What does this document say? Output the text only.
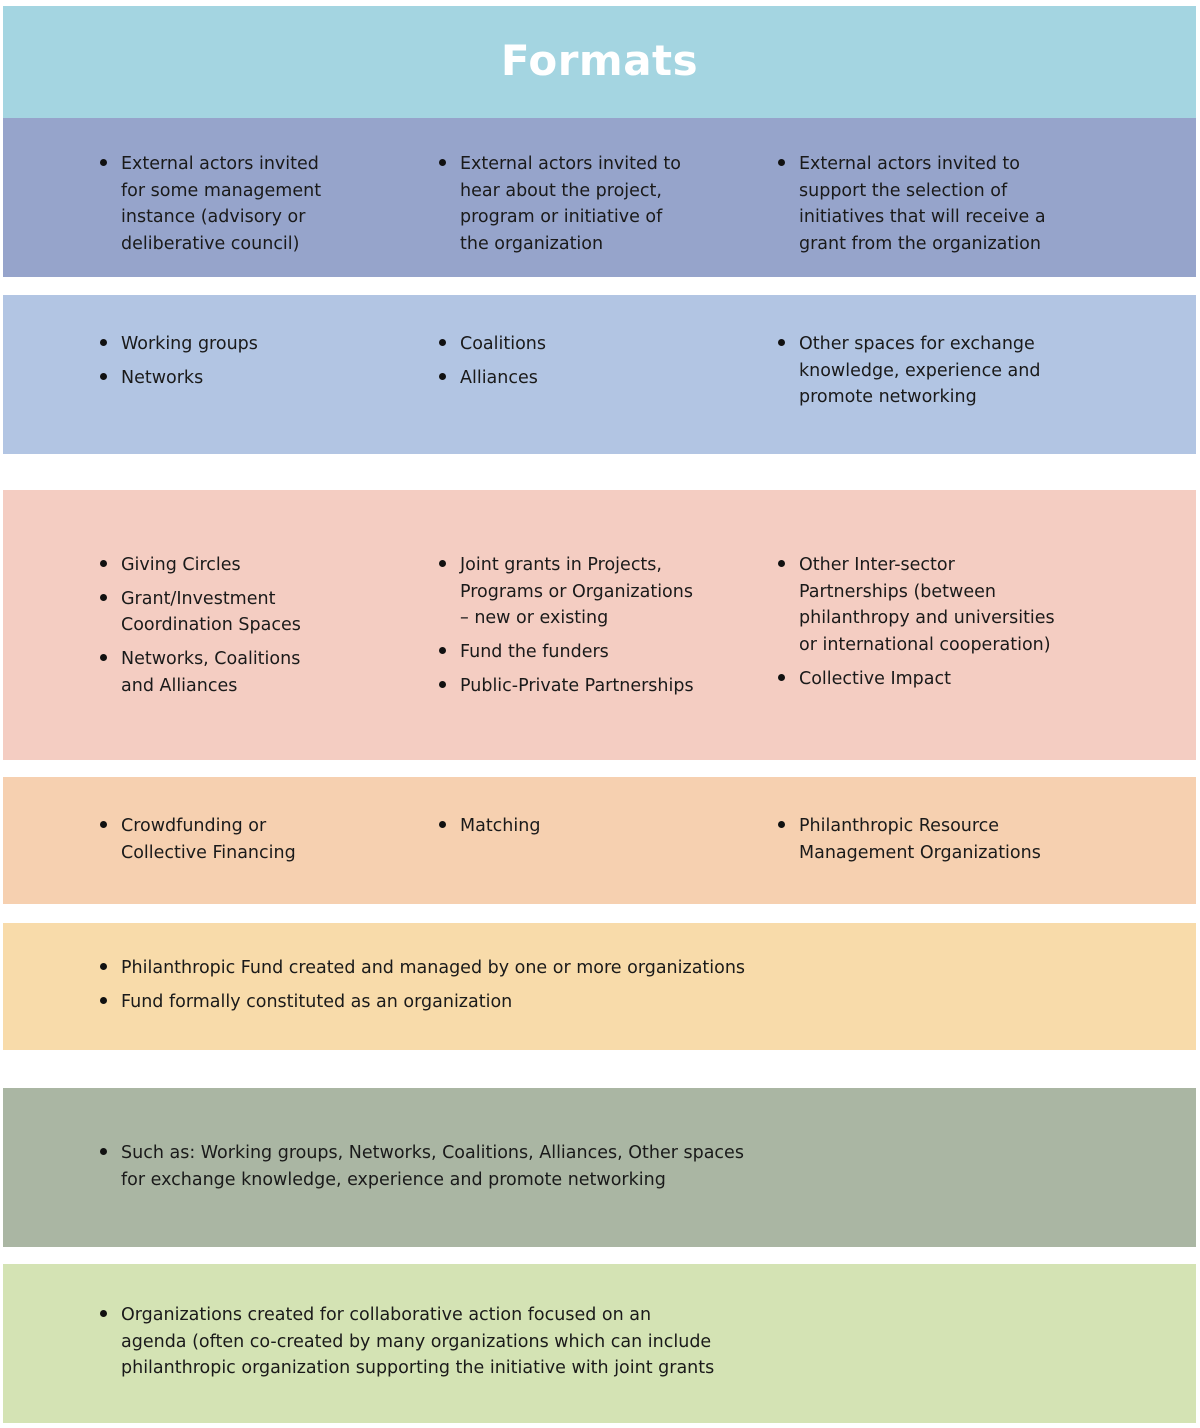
Formats
External actors invited
for some management
instance (advisory or
deliberative council)
External actors invited to
hear about the project,
program or initiative of
the organization
External actors invited to
support the selection of
initiatives that will receive a
grant from the organization
Working groups
Networks
Coalitions
Alliances
Other spaces for exchange
knowledge, experience and
promote networking
Giving Circles
Grant/Investment
Coordination Spaces
Networks, Coalitions
and Alliances
Joint grants in Projects,
Programs or Organizations
– new or existing
Fund the funders
Public-Private Partnerships
Other Inter-sector
Partnerships (between
philanthropy and universities
or international cooperation)
Collective Impact
Crowdfunding or
Collective Financing
Matching	Philanthropic Resource
Management Organizations
Philanthropic Fund created and managed by one or more organizations
Fund formally constituted as an organization
Such as: Working groups, Networks, Coalitions, Alliances, Other spaces
for exchange knowledge, experience and promote networking
Organizations created for collaborative action focused on an
agenda (often co-created by many organizations which can include
philanthropic organization supporting the initiative with joint grants
